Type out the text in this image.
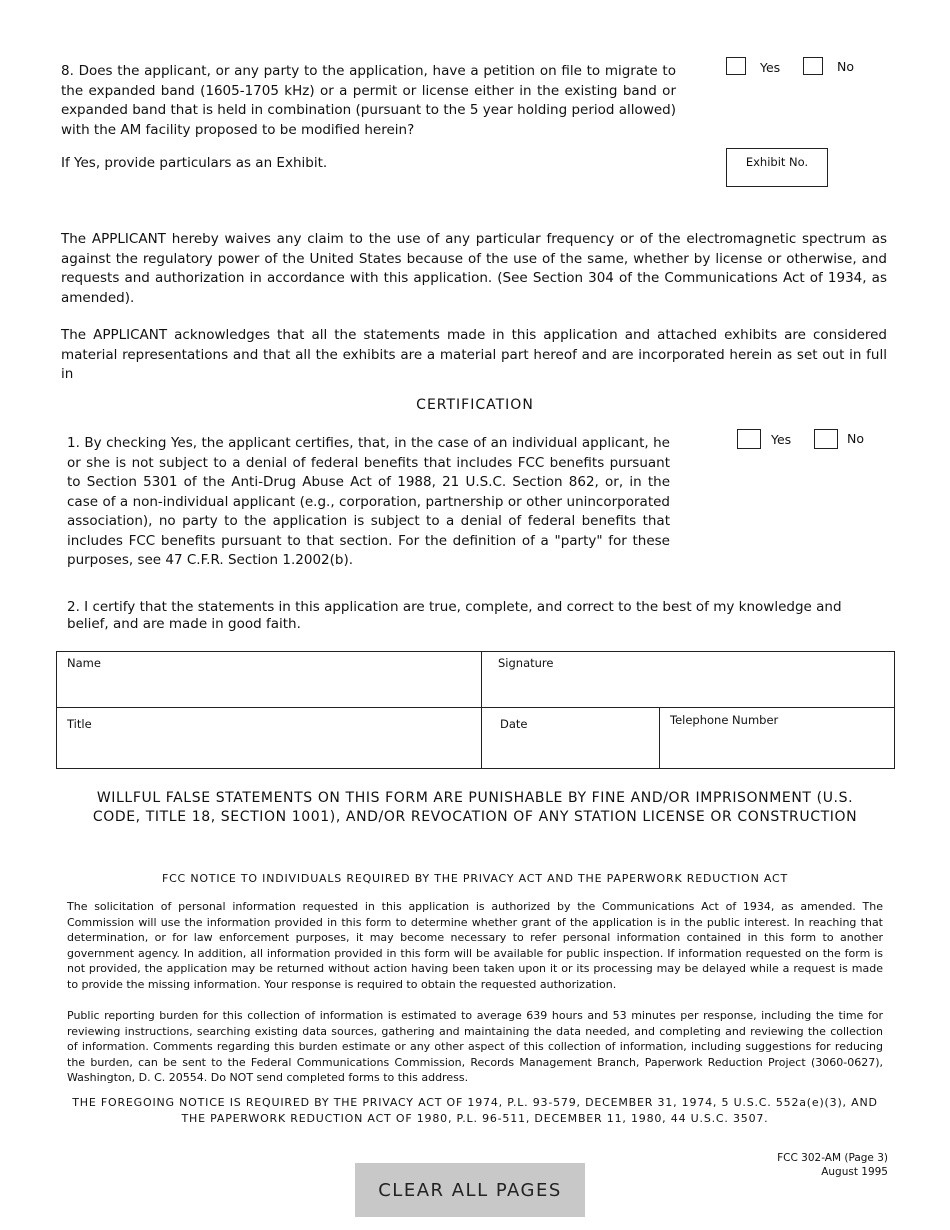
8. Does the applicant, or any party to the application, have a petition on file to migrate to the expanded band (1605-1705 kHz) or a permit or license either in the existing band or expanded band that is held in combination (pursuant to the 5 year holding period allowed) with the AM facility proposed to be modified herein?
Yes	No
If Yes, provide particulars as an Exhibit.	Exhibit No.
The APPLICANT hereby waives any claim to the use of any particular frequency or of the electromagnetic spectrum as against the regulatory power of the United States because of the use of the same, whether by license or otherwise, and requests and authorization in accordance with this application. (See Section 304 of the Communications Act of 1934, as amended).
The APPLICANT acknowledges that all the statements made in this application and attached exhibits are considered material representations and that all the exhibits are a material part hereof and are incorporated herein as set out in full in
CERTIFICATION
1. By checking Yes, the applicant certifies, that, in the case of an individual applicant, he or she is not subject to a denial of federal benefits that includes FCC benefits pursuant to Section 5301 of the Anti-Drug Abuse Act of 1988, 21 U.S.C. Section 862, or, in the case of a non-individual applicant (e.g., corporation, partnership or other unincorporated association), no party to the application is subject to a denial of federal benefits that includes FCC benefits pursuant to that section. For the definition of a "party" for these purposes, see 47 C.F.R. Section 1.2002(b).
Yes	No
2. I certify that the statements in this application are true, complete, and correct to the best of my knowledge and belief, and are made in good faith.
Name	Signature	
Title	Date	Telephone Number
WILLFUL FALSE STATEMENTS ON THIS FORM ARE PUNISHABLE BY FINE AND/OR IMPRISONMENT (U.S. CODE, TITLE 18, SECTION 1001), AND/OR REVOCATION OF ANY STATION LICENSE OR CONSTRUCTION
FCC NOTICE TO INDIVIDUALS REQUIRED BY THE PRIVACY ACT AND THE PAPERWORK REDUCTION ACT
The solicitation of personal information requested in this application is authorized by the Communications Act of 1934, as amended. The Commission will use the information provided in this form to determine whether grant of the application is in the public interest. In reaching that determination, or for law enforcement purposes, it may become necessary to refer personal information contained in this form to another government agency. In addition, all information provided in this form will be available for public inspection. If information requested on the form is not provided, the application may be returned without action having been taken upon it or its processing may be delayed while a request is made to provide the missing information. Your response is required to obtain the requested authorization.
Public reporting burden for this collection of information is estimated to average 639 hours and 53 minutes per response, including the time for reviewing instructions, searching existing data sources, gathering and maintaining the data needed, and completing and reviewing the collection of information. Comments regarding this burden estimate or any other aspect of this collection of information, including suggestions for reducing the burden, can be sent to the Federal Communications Commission, Records Management Branch, Paperwork Reduction Project (3060-0627), Washington, D. C. 20554. Do NOT send completed forms to this address.
THE FOREGOING NOTICE IS REQUIRED BY THE PRIVACY ACT OF 1974, P.L. 93-579, DECEMBER 31, 1974, 5 U.S.C. 552a(e)(3), AND THE PAPERWORK REDUCTION ACT OF 1980, P.L. 96-511, DECEMBER 11, 1980, 44 U.S.C. 3507.
FCC 302-AM (Page 3)
August 1995
CLEAR ALL PAGES
